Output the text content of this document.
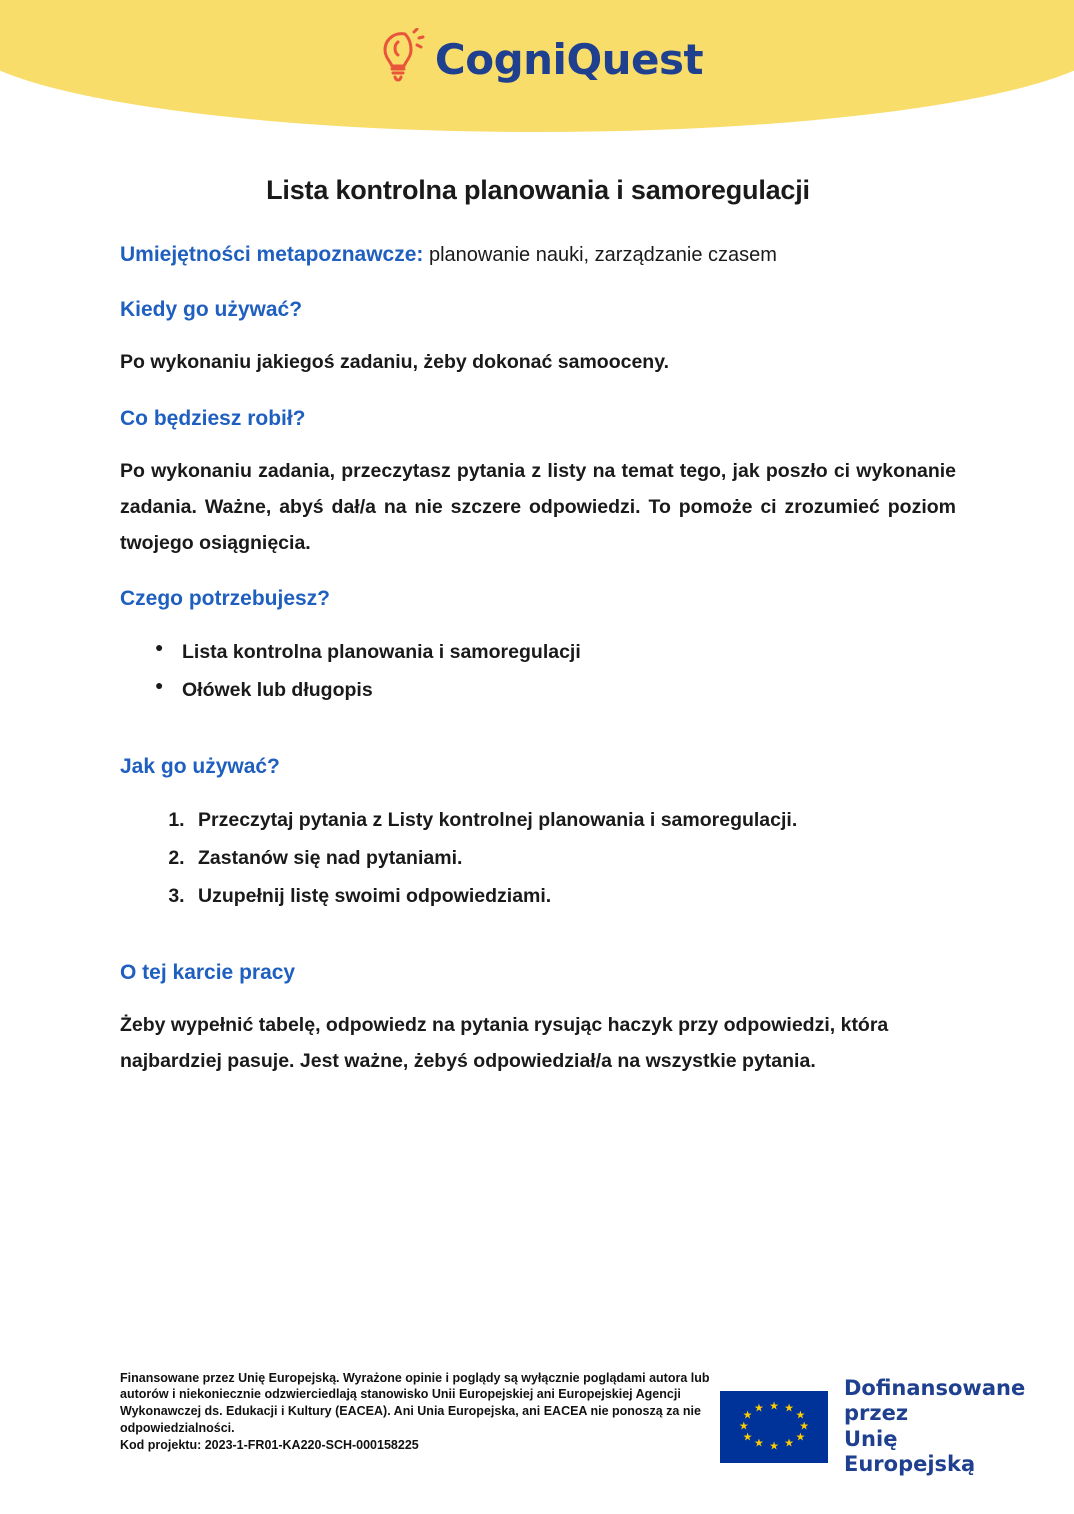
CogniQuest
Lista kontrolna planowania i samoregulacji

Umiejętności metapoznawcze: planowanie nauki, zarządzanie czasem

Kiedy go używać?

Po wykonaniu jakiegoś zadaniu, żeby dokonać samooceny.

Co będziesz robił?

Po wykonaniu zadania, przeczytasz pytania z listy na temat tego, jak poszło ci wykonanie zadania. Ważne, abyś dał/a na nie szczere odpowiedzi. To pomoże ci zrozumieć poziom twojego osiągnięcia.

Czego potrzebujesz?
● Lista kontrolna planowania i samoregulacji
● Ołówek lub długopis
Jak go używać?
1. Przeczytaj pytania z Listy kontrolnej planowania i samoregulacji.
2. Zastanów się nad pytaniami.
3. Uzupełnij listę swoimi odpowiedziami.
O tej karcie pracy

Żeby wypełnić tabelę, odpowiedz na pytania rysując haczyk przy odpowiedzi, która najbardziej pasuje. Jest ważne, żebyś odpowiedział/a na wszystkie pytania.

Finansowane przez Unię Europejską. Wyrażone opinie i poglądy są wyłącznie poglądami autora lub autorów i niekoniecznie odzwierciedlają stanowisko Unii Europejskiej ani Europejskiej Agencji Wykonawczej ds. Edukacji i Kultury (EACEA). Ani Unia Europejska, ani EACEA nie ponoszą za nie odpowiedzialności.
Kod projektu: 2023-1-FR01-KA220-SCH-000158225
★ ★
★
★
★
★
★
★
★
★
★
★
Dofinansowane przez
Unię Europejską
